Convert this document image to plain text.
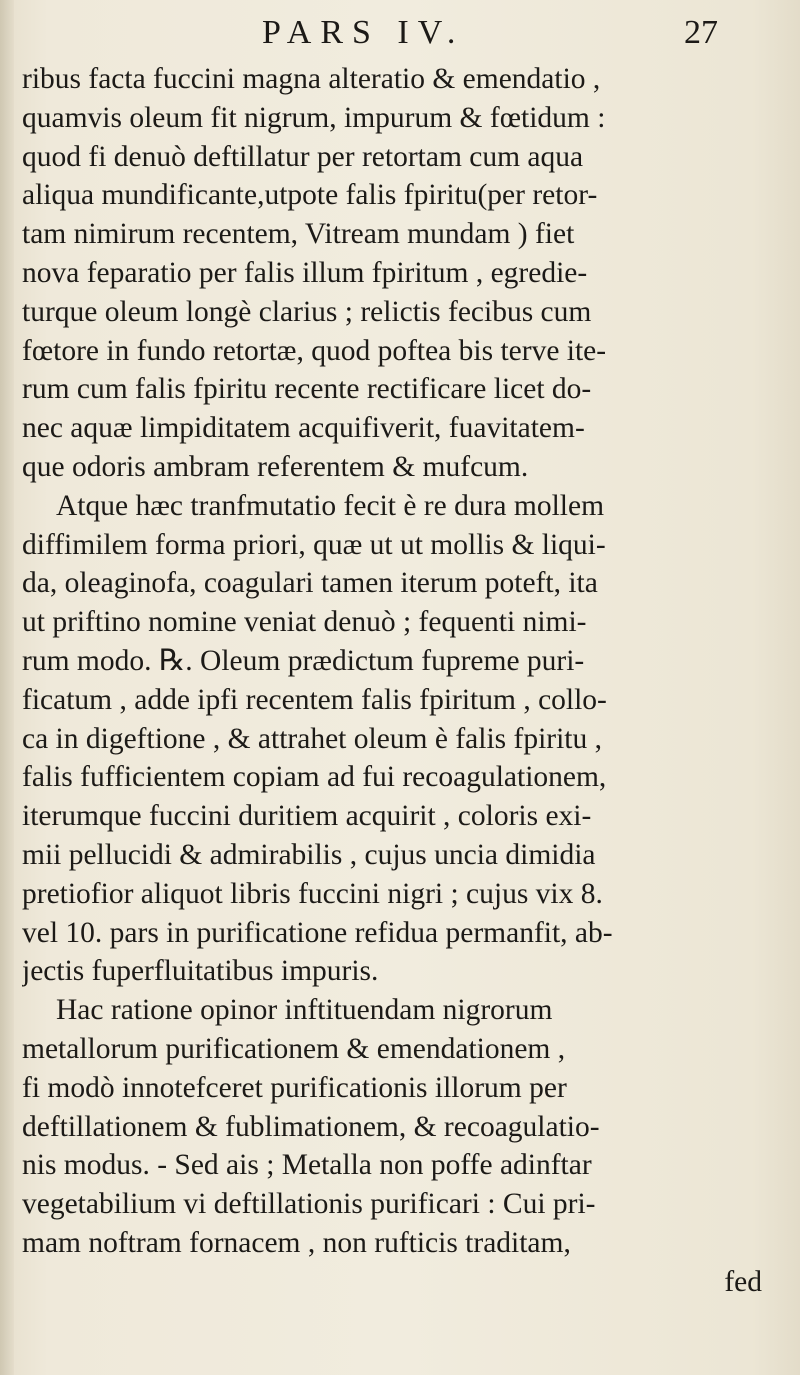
PARS IV.	27
ribus facta fuccini magna alteratio & emendatio ,
quamvis oleum fit nigrum, impurum & fœtidum :
quod fi denuò deftillatur per retortam cum aqua
aliqua mundificante,utpote falis fpiritu(per retor-
tam nimirum recentem, Vitream mundam ) fiet
nova feparatio per falis illum fpiritum , egredie-
turque oleum longè clarius ; relictis fecibus cum
fœtore in fundo retortæ, quod poftea bis terve ite-
rum cum falis fpiritu recente rectificare licet do-
nec aquæ limpiditatem acquifiverit, fuavitatem-
que odoris ambram referentem & mufcum.
Atque hæc tranfmutatio fecit è re dura mollem
diffimilem forma priori, quæ ut ut mollis & liqui-
da, oleaginofa, coagulari tamen iterum poteft, ita
ut priftino nomine veniat denuò ; fequenti nimi-
rum modo. ℞. Oleum prædictum fupreme puri-
ficatum , adde ipfi recentem falis fpiritum , collo-
ca in digeftione , & attrahet oleum è falis fpiritu ,
falis fufficientem copiam ad fui recoagulationem,
iterumque fuccini duritiem acquirit , coloris exi-
mii pellucidi & admirabilis , cujus uncia dimidia
pretiofior aliquot libris fuccini nigri ; cujus vix 8.
vel 10. pars in purificatione refidua permanfit, ab-
jectis fuperfluitatibus impuris.
Hac ratione opinor inftituendam nigrorum
metallorum purificationem & emendationem ,
fi modò innotefceret purificationis illorum per
deftillationem & fublimationem, & recoagulatio-
nis modus. - Sed ais ; Metalla non poffe adinftar
vegetabilium vi deftillationis purificari : Cui pri-
mam noftram fornacem , non rufticis traditam,
fed
